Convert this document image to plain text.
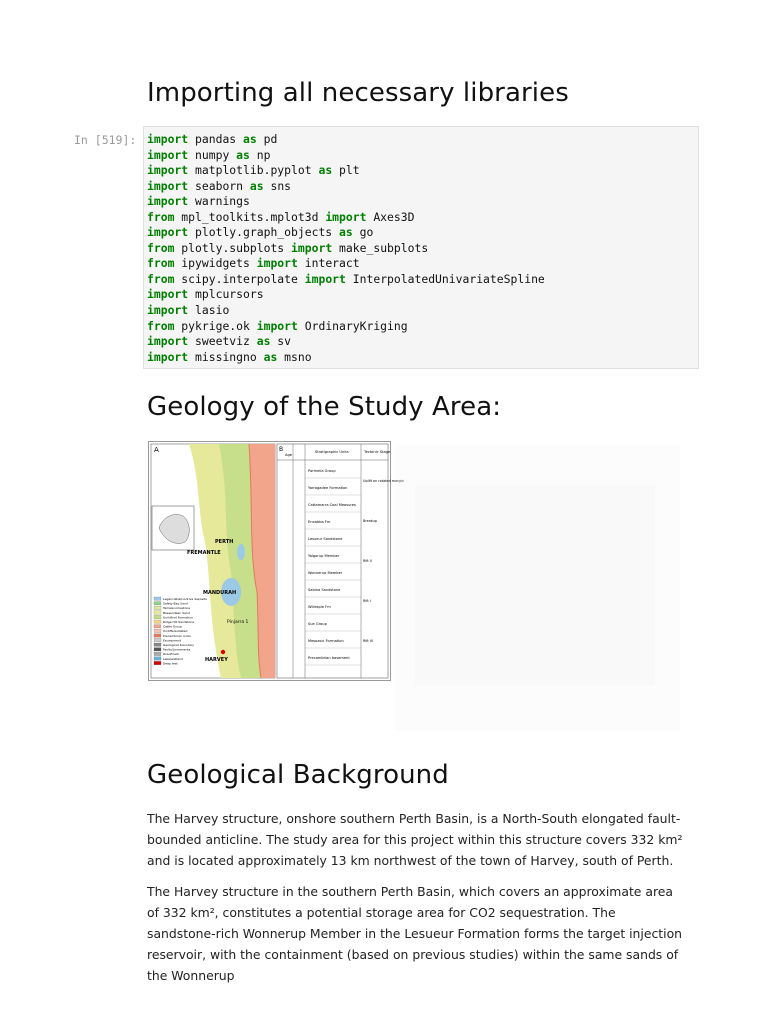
Importing all necessary libraries
In [519]: import pandas as pd
import numpy as np
import matplotlib.pyplot as plt
import seaborn as sns
import warnings
from mpl_toolkits.mplot3d import Axes3D
import plotly.graph_objects as go
from plotly.subplots import make_subplots
from ipywidgets import interact
from scipy.interpolate import InterpolatedUnivariateSpline
import mplcursors
import lasio
from pykrige.ok import OrdinaryKriging
import sweetviz as sv
import missingno as msno
Geology of the Study Area:
A
PERTH
FREMANTLE
MANDURAH
HARVEY
Pinjarra 1
Leganclatia/Liodrive deposits
Safety Bay Sand
Tamala Limestone
Bassendean Sand
Guildford Formation
Ridge Hill Sandstone
Cattle Group
Undifferentiated
Precambrian rocks
Escarpment
Geological boundary
Faults/Lineaments
Road/track
Lake/wetland
Deep test
B
Age
Stratigraphic Units	Tectonic Stage
Parmelia Group
Yarragadee Formation
Cattamarra Coal Measures
Eneabba Fm
Lesueur Sandstone
Yalgorup Member
Wonnerup Member
Sabina Sandstone
Willespie Fm
Sue Group
Mesozoic Formation
Precambrian basement
Uplift on rotated margin
Breakup
Rift II
Rift I
Rift III
Geological Background

The Harvey structure, onshore southern Perth Basin, is a North-South elongated fault-bounded anticline. The study area for this project within this structure covers 332 km² and is located approximately 13 km northwest of the town of Harvey, south of Perth.

The Harvey structure in the southern Perth Basin, which covers an approximate area of 332 km², constitutes a potential storage area for CO2 sequestration. The sandstone-rich Wonnerup Member in the Lesueur Formation forms the target injection reservoir, with the containment (based on previous studies) within the same sands of the Wonnerup
